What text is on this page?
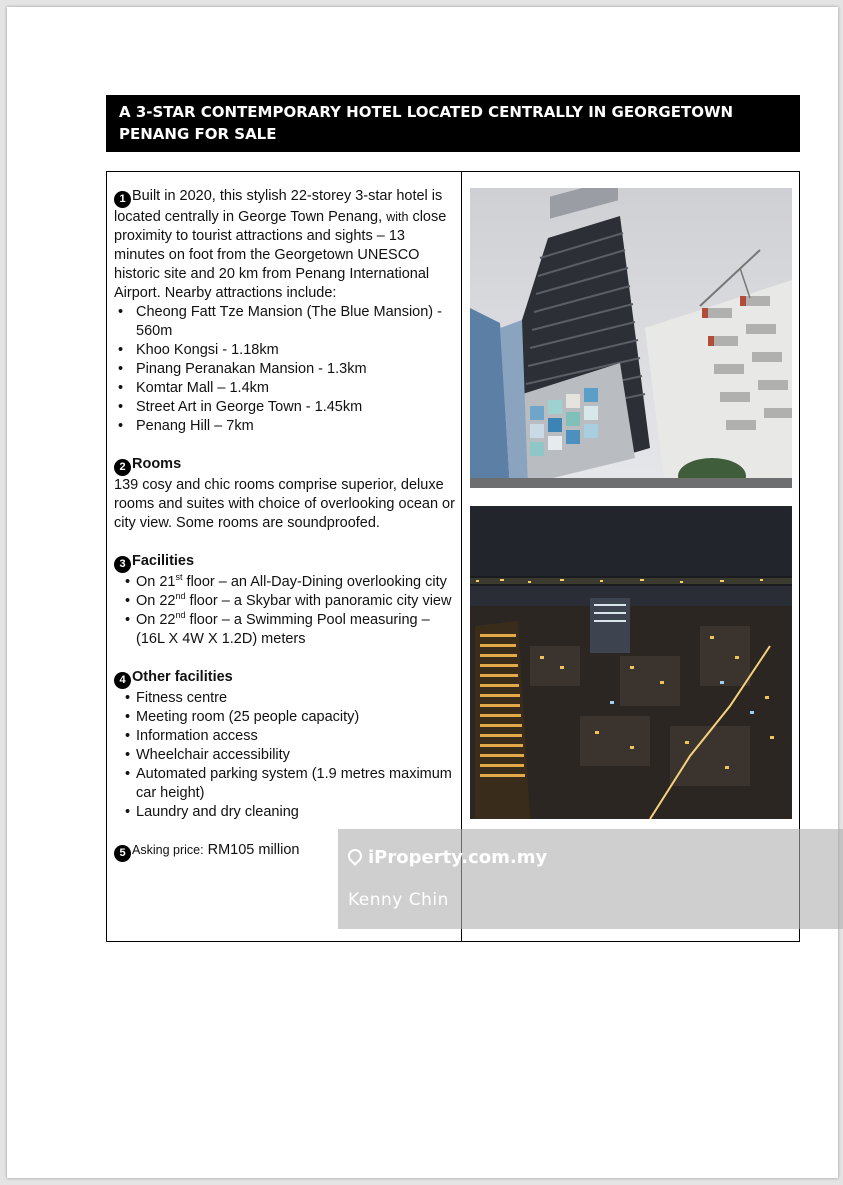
A 3-STAR CONTEMPORARY HOTEL LOCATED CENTRALLY IN GEORGETOWN PENANG FOR SALE

1 Built in 2020, this stylish 22-storey 3-star hotel is located centrally in George Town Penang, with close proximity to tourist attractions and sights – 13 minutes on foot from the Georgetown UNESCO historic site and 20 km from Penang International Airport. Nearby attractions include:

• Cheong Fatt Tze Mansion (The Blue Mansion) - 560m
• Khoo Kongsi - 1.18km
• Pinang Peranakan Mansion - 1.3km
• Komtar Mall – 1.4km
• Street Art in George Town - 1.45km
• Penang Hill – 7km

2 Rooms

139 cosy and chic rooms comprise superior, deluxe rooms and suites with choice of overlooking ocean or city view. Some rooms are soundproofed.

3 Facilities

• On 21st floor – an All-Day-Dining overlooking city
• On 22nd floor – a Skybar with panoramic city view
• On 22nd floor – a Swimming Pool measuring – (16L X 4W X 1.2D) meters

4 Other facilities

• Fitness centre
• Meeting room (25 people capacity)
• Information access
• Wheelchair accessibility
• Automated parking system (1.9 metres maximum car height)
• Laundry and dry cleaning

5 Asking price: RM105 million	iProperty.com.my
Kenny Chin
